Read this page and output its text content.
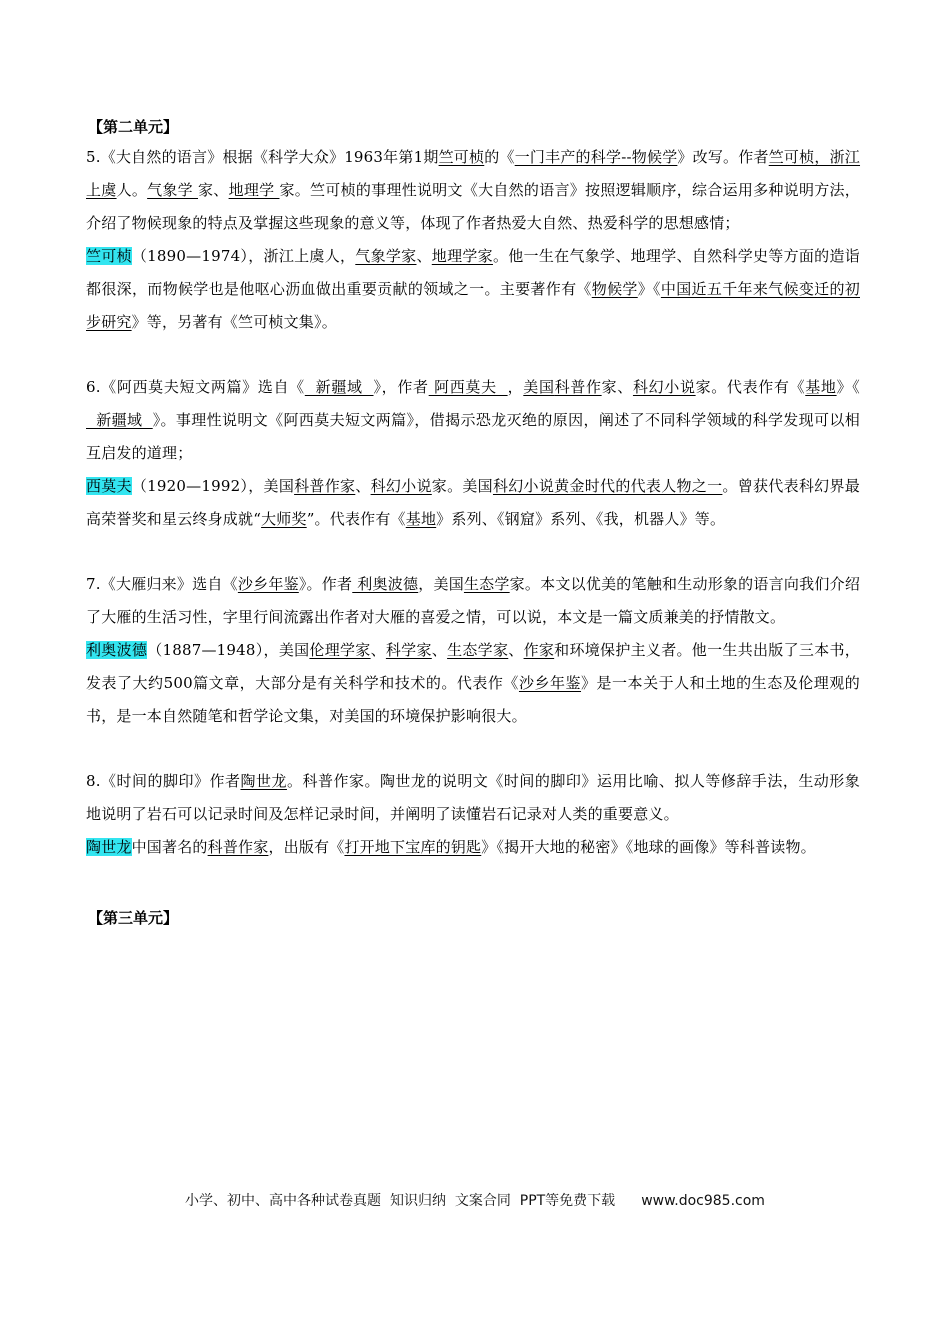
【第二单元】

5.《大自然的语言》根据《科学大众》1963年第1期竺可桢的《一门丰产的科学--物候学》改写。作者竺可桢，浙江上虞人。气象学 家、地理学 家。竺可桢的事理性说明文《大自然的语言》按照逻辑顺序，综合运用多种说明方法，介绍了物候现象的特点及掌握这些现象的意义等，体现了作者热爱大自然、热爱科学的思想感情；

竺可桢（1890—1974），浙江上虞人，气象学家、地理学家。他一生在气象学、地理学、自然科学史等方面的造诣都很深，而物候学也是他呕心沥血做出重要贡献的领域之一。主要著作有《物候学》《中国近五千年来气候变迁的初步研究》等，另著有《竺可桢文集》。

6.《阿西莫夫短文两篇》选自《  新疆域  》，作者 阿西莫夫  ，美国科普作家、科幻小说家。代表作有《基地》《  新疆域  》。事理性说明文《阿西莫夫短文两篇》，借揭示恐龙灭绝的原因，阐述了不同科学领域的科学发现可以相互启发的道理；

西莫夫（1920—1992），美国科普作家、科幻小说家。美国科幻小说黄金时代的代表人物之一。曾获代表科幻界最高荣誉奖和星云终身成就“大师奖”。代表作有《基地》系列、《钢窟》系列、《我，机器人》等。

7.《大雁归来》选自《沙乡年鉴》。作者 利奥波德，美国生态学家。本文以优美的笔触和生动形象的语言向我们介绍了大雁的生活习性，字里行间流露出作者对大雁的喜爱之情，可以说，本文是一篇文质兼美的抒情散文。

利奥波德（1887—1948），美国伦理学家、科学家、生态学家、作家和环境保护主义者。他一生共出版了三本书，发表了大约500篇文章，大部分是有关科学和技术的。代表作《沙乡年鉴》是一本关于人和土地的生态及伦理观的书，是一本自然随笔和哲学论文集，对美国的环境保护影响很大。

8.《时间的脚印》作者陶世龙。科普作家。陶世龙的说明文《时间的脚印》运用比喻、拟人等修辞手法，生动形象地说明了岩石可以记录时间及怎样记录时间，并阐明了读懂岩石记录对人类的重要意义。

陶世龙中国著名的科普作家，出版有《打开地下宝库的钥匙》《揭开大地的秘密》《地球的画像》等科普读物。

【第三单元】
小学、初中、高中各种试卷真题  知识归纳  文案合同  PPT等免费下载 www.doc985.com
